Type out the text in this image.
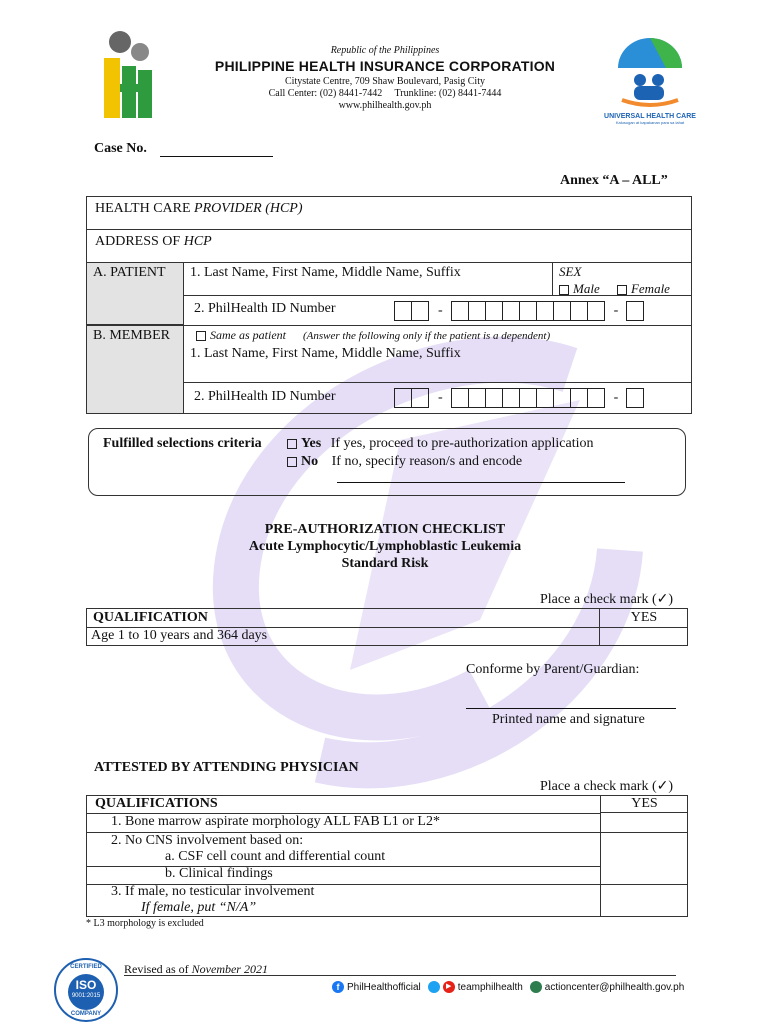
Republic of the Philippines
PHILIPPINE HEALTH INSURANCE CORPORATION
Citystate Centre, 709 Shaw Boulevard, Pasig City
Call Center: (02) 8441-7442     Trunkline: (02) 8441-7444
www.philhealth.gov.ph
UNIVERSAL HEALTH CARE
Kalusugan at kapakanan para sa lahat
Case No.
Annex “A – ALL”
HEALTH CARE PROVIDER (HCP)
ADDRESS OF HCP
A. PATIENT	1. Last Name, First Name, Middle Name, Suffix	SEX
Male Female
2. PhilHealth ID Number	-	-
B. MEMBER	Same as patient (Answer the following only if the patient is a dependent)
1. Last Name, First Name, Middle Name, Suffix
2. PhilHealth ID Number	-	-
Fulfilled selections criteria	Yes If yes, proceed to pre-authorization application
No If no, specify reason/s and encode
PRE-AUTHORIZATION CHECKLIST
Acute Lymphocytic/Lymphoblastic Leukemia
Standard Risk
Place a check mark (✓)
QUALIFICATION	YES
Age 1 to 10 years and 364 days
Conforme by Parent/Guardian:
Printed name and signature
ATTESTED BY ATTENDING PHYSICIAN
Place a check mark (✓)
QUALIFICATIONS	YES
1. Bone marrow aspirate morphology ALL FAB L1 or L2*
2. No CNS involvement based on:
a. CSF cell count and differential count
b. Clinical findings
3. If male, no testicular involvement
If female, put “N/A”
* L3 morphology is excluded
CERTIFIED
ISO
9001:2015
COMPANY
Revised as of November 2021
f PhilHealthofficial	▶ teamphilhealth actioncenter@philhealth.gov.ph
